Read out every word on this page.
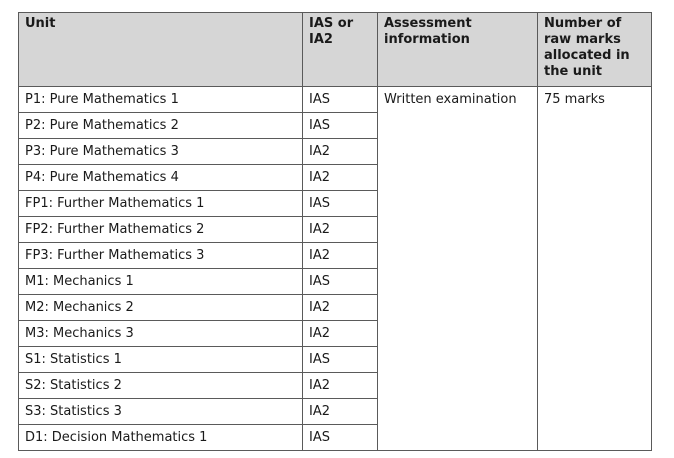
Unit	IAS or IA2	Assessment information	Number of raw marks allocated in the unit
P1: Pure Mathematics 1	IAS	Written examination	75 marks
P2: Pure Mathematics 2	IAS		
P3: Pure Mathematics 3	IA2		
P4: Pure Mathematics 4	IA2		
FP1: Further Mathematics 1	IAS		
FP2: Further Mathematics 2	IA2		
FP3: Further Mathematics 3	IA2		
M1: Mechanics 1	IAS		
M2: Mechanics 2	IA2		
M3: Mechanics 3	IA2		
S1: Statistics 1	IAS		
S2: Statistics 2	IA2		
S3: Statistics 3	IA2		
D1: Decision Mathematics 1	IAS		
